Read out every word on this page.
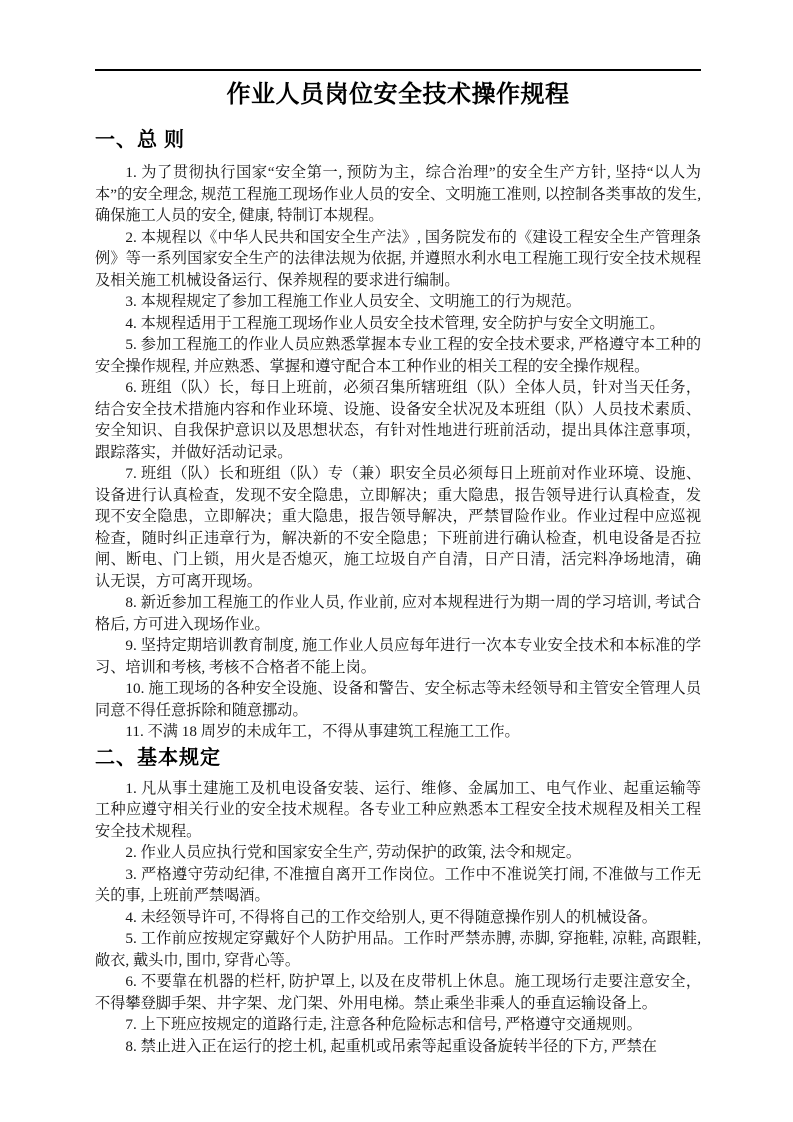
作业人员岗位安全技术操作规程
一、总 则

1. 为了贯彻执行国家“安全第一, 预防为主，综合治理”的安全生产方针, 坚持“以人为本”的安全理念, 规范工程施工现场作业人员的安全、文明施工准则, 以控制各类事故的发生, 确保施工人员的安全, 健康, 特制订本规程。

2. 本规程以《中华人民共和国安全生产法》, 国务院发布的《建设工程安全生产管理条例》等一系列国家安全生产的法律法规为依据, 并遵照水利水电工程施工现行安全技术规程及相关施工机械设备运行、保养规程的要求进行编制。

3. 本规程规定了参加工程施工作业人员安全、文明施工的行为规范。

4. 本规程适用于工程施工现场作业人员安全技术管理, 安全防护与安全文明施工。

5. 参加工程施工的作业人员应熟悉掌握本专业工程的安全技术要求, 严格遵守本工种的安全操作规程, 并应熟悉、掌握和遵守配合本工种作业的相关工程的安全操作规程。

6. 班组（队）长，每日上班前，必须召集所辖班组（队）全体人员，针对当天任务，结合安全技术措施内容和作业环境、设施、设备安全状况及本班组（队）人员技术素质、安全知识、自我保护意识以及思想状态，有针对性地进行班前活动，提出具体注意事项，跟踪落实，并做好活动记录。

7. 班组（队）长和班组（队）专（兼）职安全员必须每日上班前对作业环境、设施、设备进行认真检查，发现不安全隐患，立即解决；重大隐患，报告领导进行认真检查，发现不安全隐患，立即解决；重大隐患，报告领导解决，严禁冒险作业。作业过程中应巡视检查，随时纠正违章行为，解决新的不安全隐患；下班前进行确认检查，机电设备是否拉闸、断电、门上锁，用火是否熄灭，施工垃圾自产自清，日产日清，活完料净场地清，确认无误，方可离开现场。

8. 新近参加工程施工的作业人员, 作业前, 应对本规程进行为期一周的学习培训, 考试合格后, 方可进入现场作业。

9. 坚持定期培训教育制度, 施工作业人员应每年进行一次本专业安全技术和本标准的学习、培训和考核, 考核不合格者不能上岗。

10. 施工现场的各种安全设施、设备和警告、安全标志等未经领导和主管安全管理人员同意不得任意拆除和随意挪动。

11. 不满 18 周岁的未成年工，不得从事建筑工程施工工作。

二、基本规定

1. 凡从事土建施工及机电设备安装、运行、维修、金属加工、电气作业、起重运输等工种应遵守相关行业的安全技术规程。各专业工种应熟悉本工程安全技术规程及相关工程安全技术规程。

2. 作业人员应执行党和国家安全生产, 劳动保护的政策, 法令和规定。

3. 严格遵守劳动纪律, 不准擅自离开工作岗位。工作中不准说笑打闹, 不准做与工作无关的事, 上班前严禁喝酒。

4. 未经领导许可, 不得将自己的工作交给别人, 更不得随意操作别人的机械设备。

5. 工作前应按规定穿戴好个人防护用品。工作时严禁赤膊, 赤脚, 穿拖鞋, 凉鞋, 高跟鞋, 敞衣, 戴头巾, 围巾, 穿背心等。

6. 不要靠在机器的栏杆, 防护罩上, 以及在皮带机上休息。施工现场行走要注意安全，不得攀登脚手架、井字架、龙门架、外用电梯。禁止乘坐非乘人的垂直运输设备上。

7. 上下班应按规定的道路行走, 注意各种危险标志和信号, 严格遵守交通规则。

8. 禁止进入正在运行的挖土机, 起重机或吊索等起重设备旋转半径的下方, 严禁在
